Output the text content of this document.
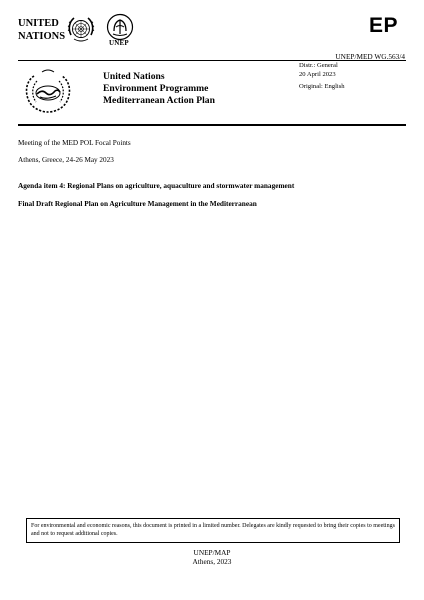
UNITED
NATIONS
UNEP
EP
UNEP/MED WG.563/4
United Nations
Environment Programme
Mediterranean Action Plan
Distr.: General
20 April 2023
Original: English
Meeting of the MED POL Focal Points
Athens, Greece, 24-26 May 2023
Agenda item 4: Regional Plans on agriculture, aquaculture and stormwater management
Final Draft Regional Plan on Agriculture Management in the Mediterranean
For environmental and economic reasons, this document is printed in a limited number. Delegates are kindly requested to bring their copies to meetings and not to request additional copies.
UNEP/MAP
Athens, 2023
